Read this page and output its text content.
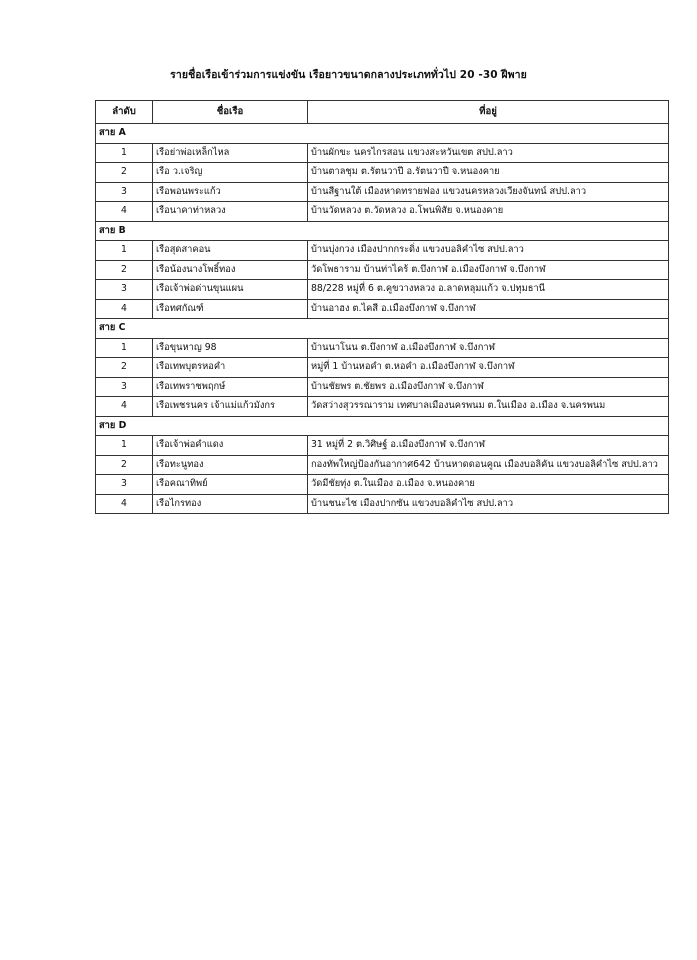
รายชื่อเรือเข้าร่วมการแข่งขัน เรือยาวขนาดกลางประเภททั่วไป 20 -30 ฝีพาย
ลำดับ	ชื่อเรือ	ที่อยู่
สาย A		
1	เรือย่าพ่อเหล็กไหล	บ้านผักขะ นครไกรสอน แขวงสะหวันเขต สปป.ลาว
2	เรือ ว.เจริญ	บ้านตาลชุม ต.รัตนวาปี อ.รัตนวาปี จ.หนองคาย
3	เรือพอนพระแก้ว	บ้านสีฐานใต้ เมืองหาดทรายฟอง แขวงนครหลวงเวียงจันทน์ สปป.ลาว
4	เรือนาคาท่าหลวง	บ้านวัดหลวง ต.วัดหลวง อ.โพนพิสัย จ.หนองคาย
สาย B		
1	เรือสุดสาคอน	บ้านบุ่งกวง เมืองปากกระดิ่ง แขวงบอลิคำไซ สปป.ลาว
2	เรือน้องนางโพธิ์ทอง	วัดโพธาราม บ้านท่าไคร้ ต.บึงกาฬ อ.เมืองบึงกาฬ จ.บึงกาฬ
3	เรือเจ้าพ่อด่านขุนแผน	88/228 หมู่ที่ 6 ต.คูขวางหลวง อ.ลาดหลุมแก้ว จ.ปทุมธานี
4	เรือทศกัณฑ์	บ้านอาฮง ต.ไคสี อ.เมืองบึงกาฬ จ.บึงกาฬ
สาย C		
1	เรือขุนหาญ 98	บ้านนาโนน ต.บึงกาฬ อ.เมืองบึงกาฬ จ.บึงกาฬ
2	เรือเทพบุตรหอคำ	หมู่ที่ 1 บ้านหอคำ ต.หอคำ อ.เมืองบึงกาฬ จ.บึงกาฬ
3	เรือเทพราชพฤกษ์	บ้านชัยพร ต.ชัยพร อ.เมืองบึงกาฬ จ.บึงกาฬ
4	เรือเพชรนคร เจ้าแม่แก้วมังกร	วัดสว่างสุวรรณาราม เทศบาลเมืองนครพนม ต.ในเมือง อ.เมือง จ.นครพนม
สาย D		
1	เรือเจ้าพ่อคำแดง	31 หมู่ที่ 2 ต.วิศิษฐ์ อ.เมืองบึงกาฬ จ.บึงกาฬ
2	เรือทะนูทอง	กองทัพใหญ่ป้องกันอากาศ642 บ้านหาดดอนคูณ เมืองบอลิคัน แขวงบอลิคำไซ สปป.ลาว
3	เรือคณาทิพย์	วัดมีชัยทุ่ง ต.ในเมือง อ.เมือง จ.หนองคาย
4	เรือไกรทอง	บ้านชนะไช เมืองปากซัน แขวงบอลิคำไซ สปป.ลาว
